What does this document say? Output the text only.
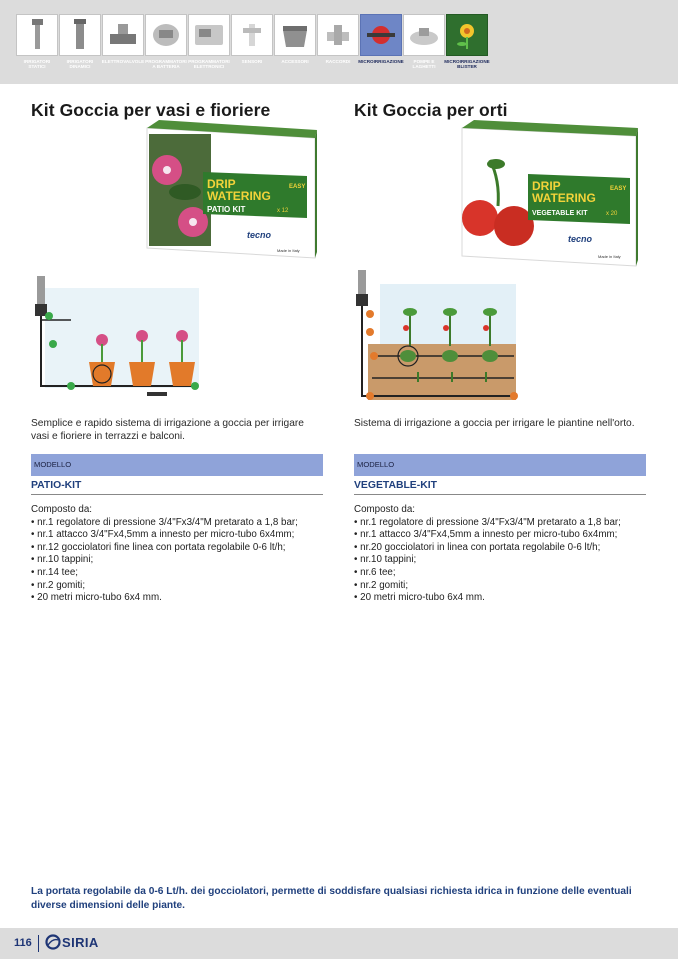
IRRIGATORI
STATICI
IRRIGATORI
DINAMICI
ELETTROVALVOLE PROGRAMMATORI
A BATTERIA
PROGRAMMATORI
ELETTRONICI
SENSORI	ACCESSORI	RACCORDI	MICROIRRIGAZIONE	POMPE E
LAGHETTI
MICROIRRIGAZIONE
BLISTER
Kit Goccia per vasi e fioriere
DRIP
WATERING
PATIO KIT	x 12
EASY
tecno
Made in Italy

Semplice e rapido sistema di irrigazione a goccia per irrigare vasi e fioriere in terrazzi e balconi.

MODELLO
PATIO-KIT
Composto da:
• nr.1 regolatore di pressione 3/4"Fx3/4"M pretarato a 1,8 bar;
• nr.1 attacco 3/4"Fx4,5mm a innesto per micro-tubo 6x4mm;
• nr.12 gocciolatori fine linea con portata regolabile 0-6 lt/h;
• nr.10 tappini;
• nr.14 tee;
• nr.2 gomiti;
• 20 metri micro-tubo 6x4 mm.
Kit Goccia per orti
DRIP
WATERING
VEGETABLE KIT	x 20
EASY
tecno
Made in Italy

Sistema di irrigazione a goccia per irrigare le piantine nell'orto.

MODELLO
VEGETABLE-KIT
Composto da:
• nr.1 regolatore di pressione 3/4"Fx3/4"M pretarato a 1,8 bar;
• nr.1 attacco 3/4"Fx4,5mm a innesto per micro-tubo 6x4mm;
• nr.20 gocciolatori in linea con portata regolabile 0-6 lt/h;
• nr.10 tappini;
• nr.6 tee;
• nr.2 gomiti;
• 20 metri micro-tubo 6x4 mm.

La portata regolabile da 0-6 Lt/h. dei gocciolatori, permette di soddisfare qualsiasi richiesta idrica in funzione delle eventuali diverse dimensioni delle piante.

116 SIRIA
